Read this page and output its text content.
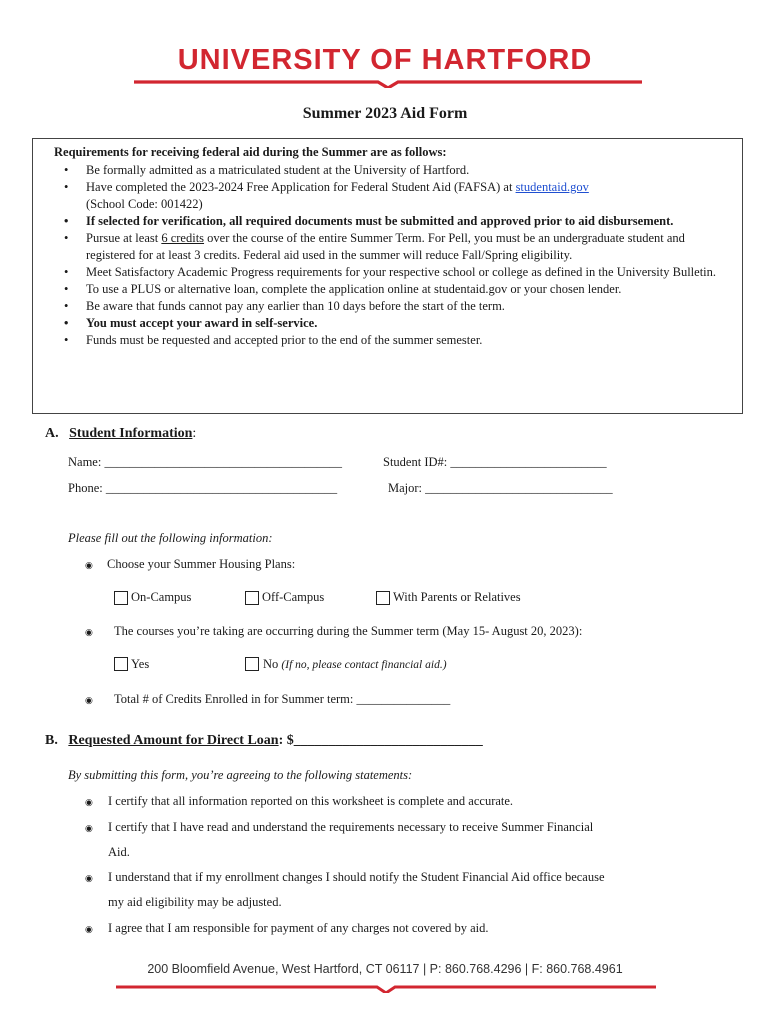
UNIVERSITY OF HARTFORD
Summer 2023 Aid Form
Requirements for receiving federal aid during the Summer are as follows:
• Be formally admitted as a matriculated student at the University of Hartford.
• Have completed the 2023-2024 Free Application for Federal Student Aid (FAFSA) at studentaid.gov
(School Code: 001422)
• If selected for verification, all required documents must be submitted and approved prior to aid disbursement.
• Pursue at least 6 credits over the course of the entire Summer Term. For Pell, you must be an undergraduate student and registered for at least 3 credits. Federal aid used in the summer will reduce Fall/Spring eligibility.
• Meet Satisfactory Academic Progress requirements for your respective school or college as defined in the University Bulletin.
• To use a PLUS or alternative loan, complete the application online at studentaid.gov or your chosen lender.
• Be aware that funds cannot pay any earlier than 10 days before the start of the term.
• You must accept your award in self-service.
• Funds must be requested and accepted prior to the end of the summer semester.
A. Student Information:
Name: ______________________________________	Student ID#: _________________________
Phone: _____________________________________	Major: ______________________________
Please fill out the following information:
◉ Choose your Summer Housing Plans:
On-Campus	Off-Campus	With Parents or Relatives
◉ The courses you’re taking are occurring during the Summer term (May 15- August 20, 2023):
Yes	No (If no, please contact financial aid.)
◉ Total # of Credits Enrolled in for Summer term: _______________
B. Requested Amount for Direct Loan: $___________________________
By submitting this form, you’re agreeing to the following statements:
◉ I certify that all information reported on this worksheet is complete and accurate.
◉ I certify that I have read and understand the requirements necessary to receive Summer Financial
Aid.
◉ I understand that if my enrollment changes I should notify the Student Financial Aid office because
my aid eligibility may be adjusted.
◉ I agree that I am responsible for payment of any charges not covered by aid.
200 Bloomfield Avenue, West Hartford, CT 06117 | P: 860.768.4296 | F: 860.768.4961
